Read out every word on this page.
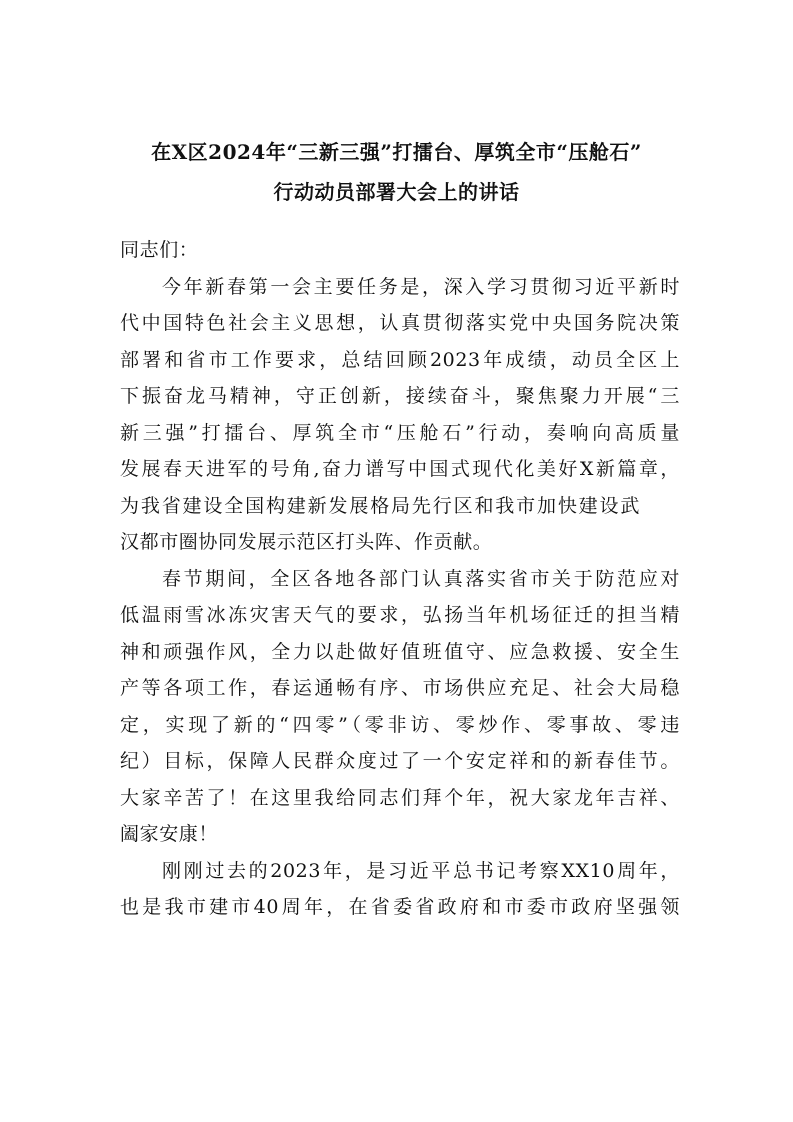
在X区2024年“三新三强”打擂台、厚筑全市“压舱石”
行动动员部署大会上的讲话
同志们：
今年新春第一会主要任务是，深入学习贯彻习近平新时
代中国特色社会主义思想，认真贯彻落实党中央国务院决策
部署和省市工作要求，总结回顾2023年成绩，动员全区上
下振奋龙马精神，守正创新，接续奋斗，聚焦聚力开展“三
新三强”打擂台、厚筑全市“压舱石”行动，奏响向高质量
发展春天进军的号角,奋力谱写中国式现代化美好X新篇章，
为我省建设全国构建新发展格局先行区和我市加快建设武
汉都市圈协同发展示范区打头阵、作贡献。
春节期间，全区各地各部门认真落实省市关于防范应对
低温雨雪冰冻灾害天气的要求，弘扬当年机场征迁的担当精
神和顽强作风，全力以赴做好值班值守、应急救援、安全生
产等各项工作，春运通畅有序、市场供应充足、社会大局稳
定，实现了新的“四零”（零非访、零炒作、零事故、零违
纪）目标，保障人民群众度过了一个安定祥和的新春佳节。
大家辛苦了！在这里我给同志们拜个年，祝大家龙年吉祥、
阖家安康！
刚刚过去的2023年，是习近平总书记考察XX10周年，
也是我市建市40周年，在省委省政府和市委市政府坚强领
